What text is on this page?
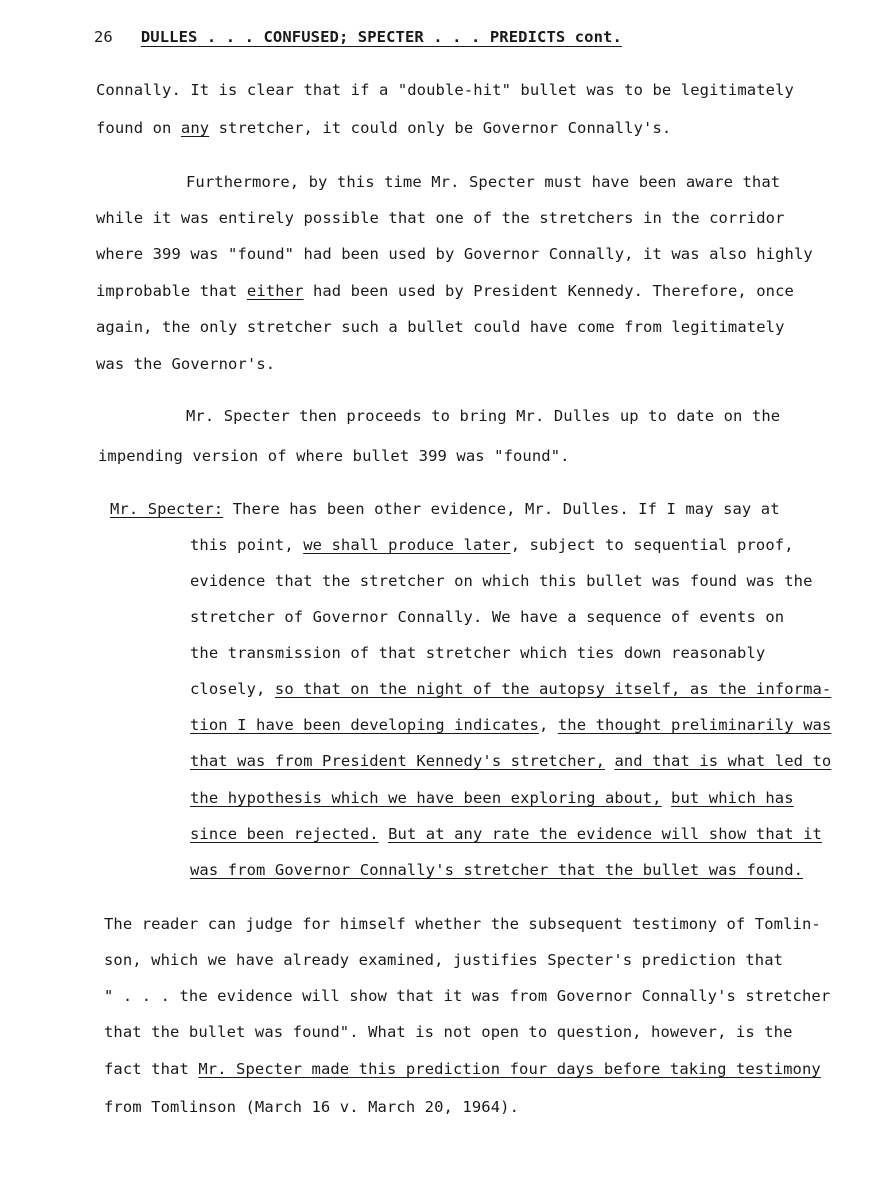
26 DULLES . . . CONFUSED; SPECTER . . . PREDICTS cont.
Connally. It is clear that if a "double-hit" bullet was to be legitimately
found on any stretcher, it could only be Governor Connally's.
Furthermore, by this time Mr. Specter must have been aware that
while it was entirely possible that one of the stretchers in the corridor
where 399 was "found" had been used by Governor Connally, it was also highly
improbable that either had been used by President Kennedy. Therefore, once
again, the only stretcher such a bullet could have come from legitimately
was the Governor's.
Mr. Specter then proceeds to bring Mr. Dulles up to date on the
impending version of where bullet 399 was "found".
Mr. Specter: There has been other evidence, Mr. Dulles. If I may say at
this point, we shall produce later, subject to sequential proof,
evidence that the stretcher on which this bullet was found was the
stretcher of Governor Connally. We have a sequence of events on
the transmission of that stretcher which ties down reasonably
closely, so that on the night of the autopsy itself, as the informa-
tion I have been developing indicates, the thought preliminarily was
that was from President Kennedy's stretcher, and that is what led to
the hypothesis which we have been exploring about, but which has
since been rejected. But at any rate the evidence will show that it
was from Governor Connally's stretcher that the bullet was found.
The reader can judge for himself whether the subsequent testimony of Tomlin-
son, which we have already examined, justifies Specter's prediction that
" . . . the evidence will show that it was from Governor Connally's stretcher
that the bullet was found". What is not open to question, however, is the
fact that Mr. Specter made this prediction four days before taking testimony
from Tomlinson (March 16 v. March 20, 1964).
